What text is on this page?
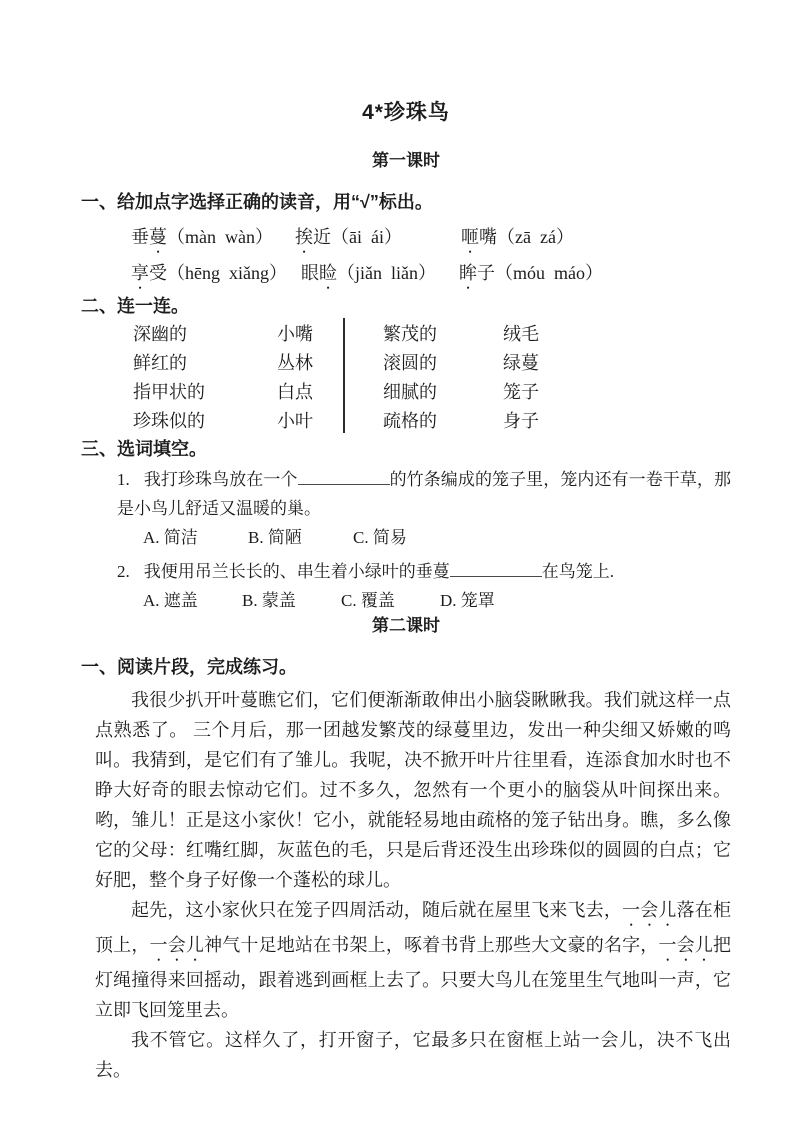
4*珍珠鸟
第一课时
一、给加点字选择正确的读音，用“√”标出。
垂蔓（màn  wàn）	挨近（āi  ái）	咂嘴（zā  zá）
享受（hēng  xiǎng） 眼睑（jiǎn  liǎn）	眸子（móu  máo）
二、连一连。
深幽的	小嘴	繁茂的	绒毛
鲜红的	丛林	滚圆的	绿蔓
指甲状的	白点	细腻的	笼子
珍珠似的	小叶	疏格的	身子
三、选词填空。
1. 我打珍珠鸟放在一个	的竹条编成的笼子里，笼内还有一卷干草，那是小鸟儿舒适又温暖的巢。
A. 简洁	B. 简陋	C. 简易
2. 我便用吊兰长长的、串生着小绿叶的垂蔓	在鸟笼上.
A. 遮盖	B. 蒙盖	C. 覆盖	D. 笼罩
第二课时
一、阅读片段，完成练习。

我很少扒开叶蔓瞧它们，它们便渐渐敢伸出小脑袋瞅瞅我。我们就这样一点点熟悉了。 三个月后，那一团越发繁茂的绿蔓里边，发出一种尖细又娇嫩的鸣叫。我猜到，是它们有了雏儿。我呢，决不掀开叶片往里看，连添食加水时也不睁大好奇的眼去惊动它们。过不多久，忽然有一个更小的脑袋从叶间探出来。哟，雏儿！正是这小家伙！它小，就能轻易地由疏格的笼子钻出身。瞧，多么像它的父母：红嘴红脚，灰蓝色的毛，只是后背还没生出珍珠似的圆圆的白点；它好肥，整个身子好像一个蓬松的球儿。

起先，这小家伙只在笼子四周活动，随后就在屋里飞来飞去，一会儿落在柜顶上，一会儿神气十足地站在书架上，啄着书背上那些大文豪的名字，一会儿把灯绳撞得来回摇动，跟着逃到画框上去了。只要大鸟儿在笼里生气地叫一声，它立即飞回笼里去。

我不管它。这样久了，打开窗子，它最多只在窗框上站一会儿，决不飞出去。
